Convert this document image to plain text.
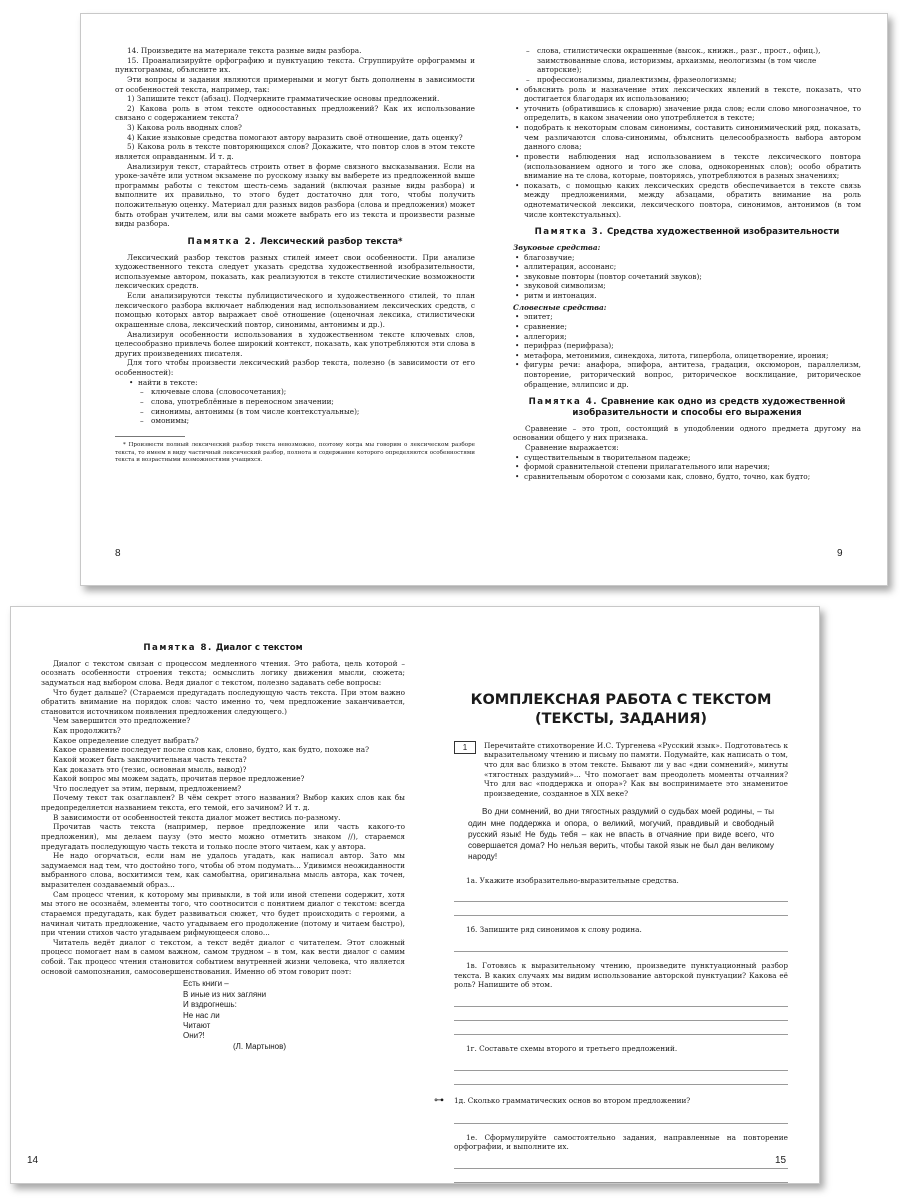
14. Произведите на материале текста разные виды разбора.

15. Проанализируйте орфографию и пунктуацию текста. Сгруппируйте орфограммы и пунктограммы, объясните их.

Эти вопросы и задания являются примерными и могут быть дополнены в зависимости от особенностей текста, например, так:

1) Запишите текст (абзац). Подчеркните грамматические основы предложений.

2) Какова роль в этом тексте односоставных предложений? Как их использование связано с содержанием текста?

3) Какова роль вводных слов?

4) Какие языковые средства помогают автору выразить своё отношение, дать оценку?

5) Какова роль в тексте повторяющихся слов? Докажите, что повтор слов в этом тексте является оправданным. И т. д.

Анализируя текст, старайтесь строить ответ в форме связного высказывания. Если на уроке-зачёте или устном экзамене по русскому языку вы выберете из предложенной выше программы работы с текстом шесть-семь заданий (включая разные виды разбора) и выполните их правильно, то этого будет достаточно для того, чтобы получить положительную оценку. Материал для разных видов разбора (слова и предложения) может быть отобран учителем, или вы сами можете выбрать его из текста и произвести разные виды разбора.

Памятка 2. Лексический разбор текста*

Лексический разбор текстов разных стилей имеет свои особенности. При анализе художественного текста следует указать средства художественной изобразительности, используемые автором, показать, как реализуются в тексте стилистические возможности лексических средств.

Если анализируются тексты публицистического и художественного стилей, то план лексического разбора включает наблюдения над использованием лексических средств, с помощью которых автор выражает своё отношение (оценочная лексика, стилистически окрашенные слова, лексический повтор, синонимы, антонимы и др.).

Анализируя особенности использования в художественном тексте ключевых слов, целесообразно привлечь более широкий контекст, показать, как употребляются эти слова в других произведениях писателя.

Для того чтобы произвести лексический разбор текста, полезно (в зависимости от его особенностей):

• найти в тексте:
– ключевые слова (словосочетания);
– слова, употреблённые в переносном значении;
– синонимы, антонимы (в том числе контекстуальные);
– омонимы;

* Произвести полный лексический разбор текста невозможно, поэтому когда мы говорим о лексическом разборе текста, то имеем в виду частичный лексический разбор, полнота и содержание которого определяются особенностями текста и возрастными возможностями учащихся.

8
– слова, стилистически окрашенные (высок., книжн., разг., прост., офиц.), заимствованные слова, историзмы, архаизмы, неологизмы (в том числе авторские);
– профессионализмы, диалектизмы, фразеологизмы;
• объяснить роль и назначение этих лексических явлений в тексте, показать, что достигается благодаря их использованию;
• уточнить (обратившись к словарю) значение ряда слов; если слово многозначное, то определить, в каком значении оно употребляется в тексте;
• подобрать к некоторым словам синонимы, составить синонимический ряд, показать, чем различаются слова-синонимы, объяснить целесообразность выбора автором данного слова;
• провести наблюдения над использованием в тексте лексического повтора (использованием одного и того же слова, однокоренных слов); особо обратить внимание на те слова, которые, повторяясь, употребляются в разных значениях;
• показать, с помощью каких лексических средств обеспечивается в тексте связь между предложениями, между абзацами, обратить внимание на роль однотематической лексики, лексического повтора, синонимов, антонимов (в том числе контекстуальных).
Памятка 3. Средства художественной изобразительности
Звуковые средства:
• благозвучие;
• аллитерация, ассонанс;
• звуковые повторы (повтор сочетаний звуков);
• звуковой символизм;
• ритм и интонация.
Словесные средства:
• эпитет;
• сравнение;
• аллегория;
• перифраз (перифраза);
• метафора, метонимия, синекдоха, литота, гипербола, олицетворение, ирония;
• фигуры речи: анафора, эпифора, антитеза, градация, оксюморон, параллелизм, повторение, риторический вопрос, риторическое восклицание, риторическое обращение, эллипсис и др.
Памятка 4. Сравнение как одно из средств художественной изобразительности и способы его выражения

Сравнение – это троп, состоящий в уподоблении одного предмета другому на основании общего у них признака.

Сравнение выражается:

• существительным в творительном падеже;
• формой сравнительной степени прилагательного или наречия;
• сравнительным оборотом с союзами как, словно, будто, точно, как будто;
9
Памятка 8. Диалог с текстом

Диалог с текстом связан с процессом медленного чтения. Это работа, цель которой – осознать особенности строения текста; осмыслить логику движения мысли, сюжета; задуматься над выбором слова. Ведя диалог с текстом, полезно задавать себе вопросы:

Что будет дальше? (Стараемся предугадать последующую часть текста. При этом важно обратить внимание на порядок слов: часто именно то, чем предложение заканчивается, становится источником появления предложения следующего.)

Чем завершится это предложение?

Как продолжить?

Какое определение следует выбрать?

Какое сравнение последует после слов как, словно, будто, как будто, похоже на?

Какой может быть заключительная часть текста?

Как доказать это (тезис, основная мысль, вывод)?

Какой вопрос мы можем задать, прочитав первое предложение?

Что последует за этим, первым, предложением?

Почему текст так озаглавлен? В чём секрет этого названия? Выбор каких слов как бы предопределяется названием текста, его темой, его зачином? И т. д.

В зависимости от особенностей текста диалог может вестись по-разному.

Прочитав часть текста (например, первое предложение или часть какого-то предложения), мы делаем паузу (это место можно отметить знаком //), стараемся предугадать последующую часть текста и только после этого читаем, как у автора.

Не надо огорчаться, если нам не удалось угадать, как написал автор. Зато мы задумаемся над тем, что достойно того, чтобы об этом подумать... Удивимся неожиданности выбранного слова, восхитимся тем, как самобытна, оригинальна мысль автора, как точен, выразителен создаваемый образ...

Сам процесс чтения, к которому мы привыкли, в той или иной степени содержит, хотя мы этого не осознаём, элементы того, что соотносится с понятием диалог с текстом: всегда стараемся предугадать, как будет развиваться сюжет, что будет происходить с героями, а начиная читать предложение, часто угадываем его продолжение (потому и читаем быстро), при чтении стихов часто угадываем рифмующееся слово...

Читатель ведёт диалог с текстом, а текст ведёт диалог с читателем. Этот сложный процесс помогает нам в самом важном, самом трудном – в том, как вести диалог с самим собой. Так процесс чтения становится событием внутренней жизни человека, что является основой самопознания, самосовершенствования. Именно об этом говорит поэт:

Есть книги –
В иные из них загляни
И вздрогнешь:
Не нас ли
Читают
Они?!
(Л. Мартынов)
14

КОМПЛЕКСНАЯ РАБОТА С ТЕКСТОМ

(ТЕКСТЫ, ЗАДАНИЯ)

1	Перечитайте стихотворение И.С. Тургенева «Русский язык». Подготовьтесь к выразительному чтению и письму по памяти. Подумайте, как написать о том, что для вас близко в этом тексте. Бывают ли у вас «дни сомнений», минуты «тягостных раздумий»... Что помогает вам преодолеть моменты отчаяния? Что для вас «поддержка и опора»? Как вы воспринимаете это знаменитое произведение, созданное в XIX веке?

Во дни сомнений, во дни тягостных раздумий о судьбах моей родины, – ты один мне поддержка и опора, о великий, могучий, правдивый и свободный русский язык! Не будь тебя – как не впасть в отчаяние при виде всего, что совершается дома? Но нельзя верить, чтобы такой язык не был дан великому народу!

1а. Укажите изобразительно-выразительные средства.

1б. Запишите ряд синонимов к слову родина.

1в. Готовясь к выразительному чтению, произведите пунктуационный разбор текста. В каких случаях мы видим использование авторской пунктуации? Какова её роль? Напишите об этом.

1г. Составьте схемы второго и третьего предложений.

⊶ 1д. Сколько грамматических основ во втором предложении?

1е. Сформулируйте самостоятельно задания, направленные на повторение орфографии, и выполните их.

15
